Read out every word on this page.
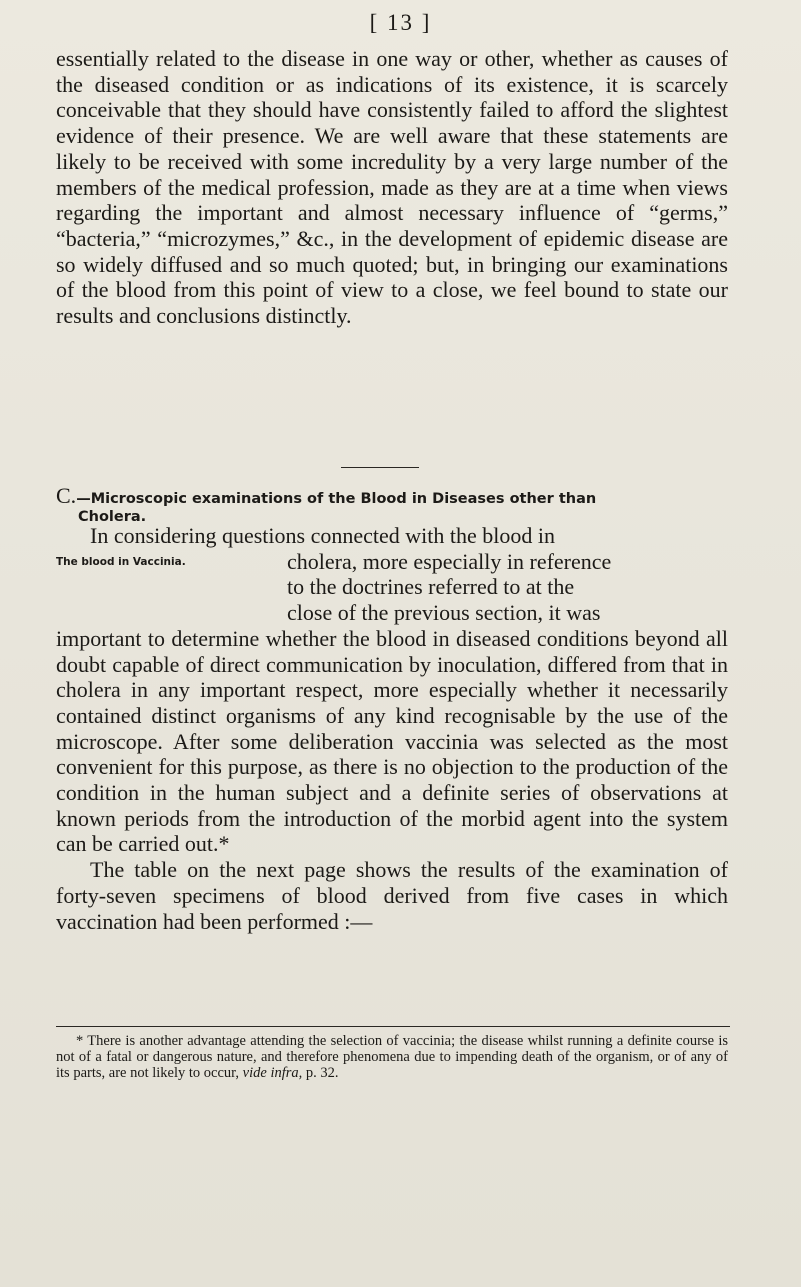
[ 13 ]

essentially related to the disease in one way or other, whether as causes of the diseased condition or as indications of its existence, it is scarcely conceivable that they should have consistently failed to afford the slightest evidence of their presence. We are well aware that these statements are likely to be received with some incredulity by a very large number of the members of the medical profession, made as they are at a time when views regarding the important and almost necessary influence of “germs,” “bacteria,” “microzymes,” &c., in the development of epidemic disease are so widely diffused and so much quoted; but, in bringing our examinations of the blood from this point of view to a close, we feel bound to state our results and conclusions distinctly.

C.—Microscopic examinations of the Blood in Diseases other than
Cholera.
The blood in Vaccinia.

In considering questions connected with the blood in

cholera, more especially in reference
to the doctrines referred to at the
close of the previous section, it was

important to determine whether the blood in diseased conditions beyond all doubt capable of direct communication by inoculation, differed from that in cholera in any important respect, more especially whether it necessarily contained distinct organisms of any kind recognisable by the use of the microscope. After some deliberation vaccinia was selected as the most convenient for this purpose, as there is no objection to the production of the condition in the human subject and a definite series of observations at known periods from the introduction of the morbid agent into the system can be carried out.*

The table on the next page shows the results of the examination of forty-seven specimens of blood derived from five cases in which vaccination had been performed :—

* There is another advantage attending the selection of vaccinia; the disease whilst running a definite course is not of a fatal or dangerous nature, and therefore phenomena due to impending death of the organism, or of any of its parts, are not likely to occur, vide infra, p. 32.
